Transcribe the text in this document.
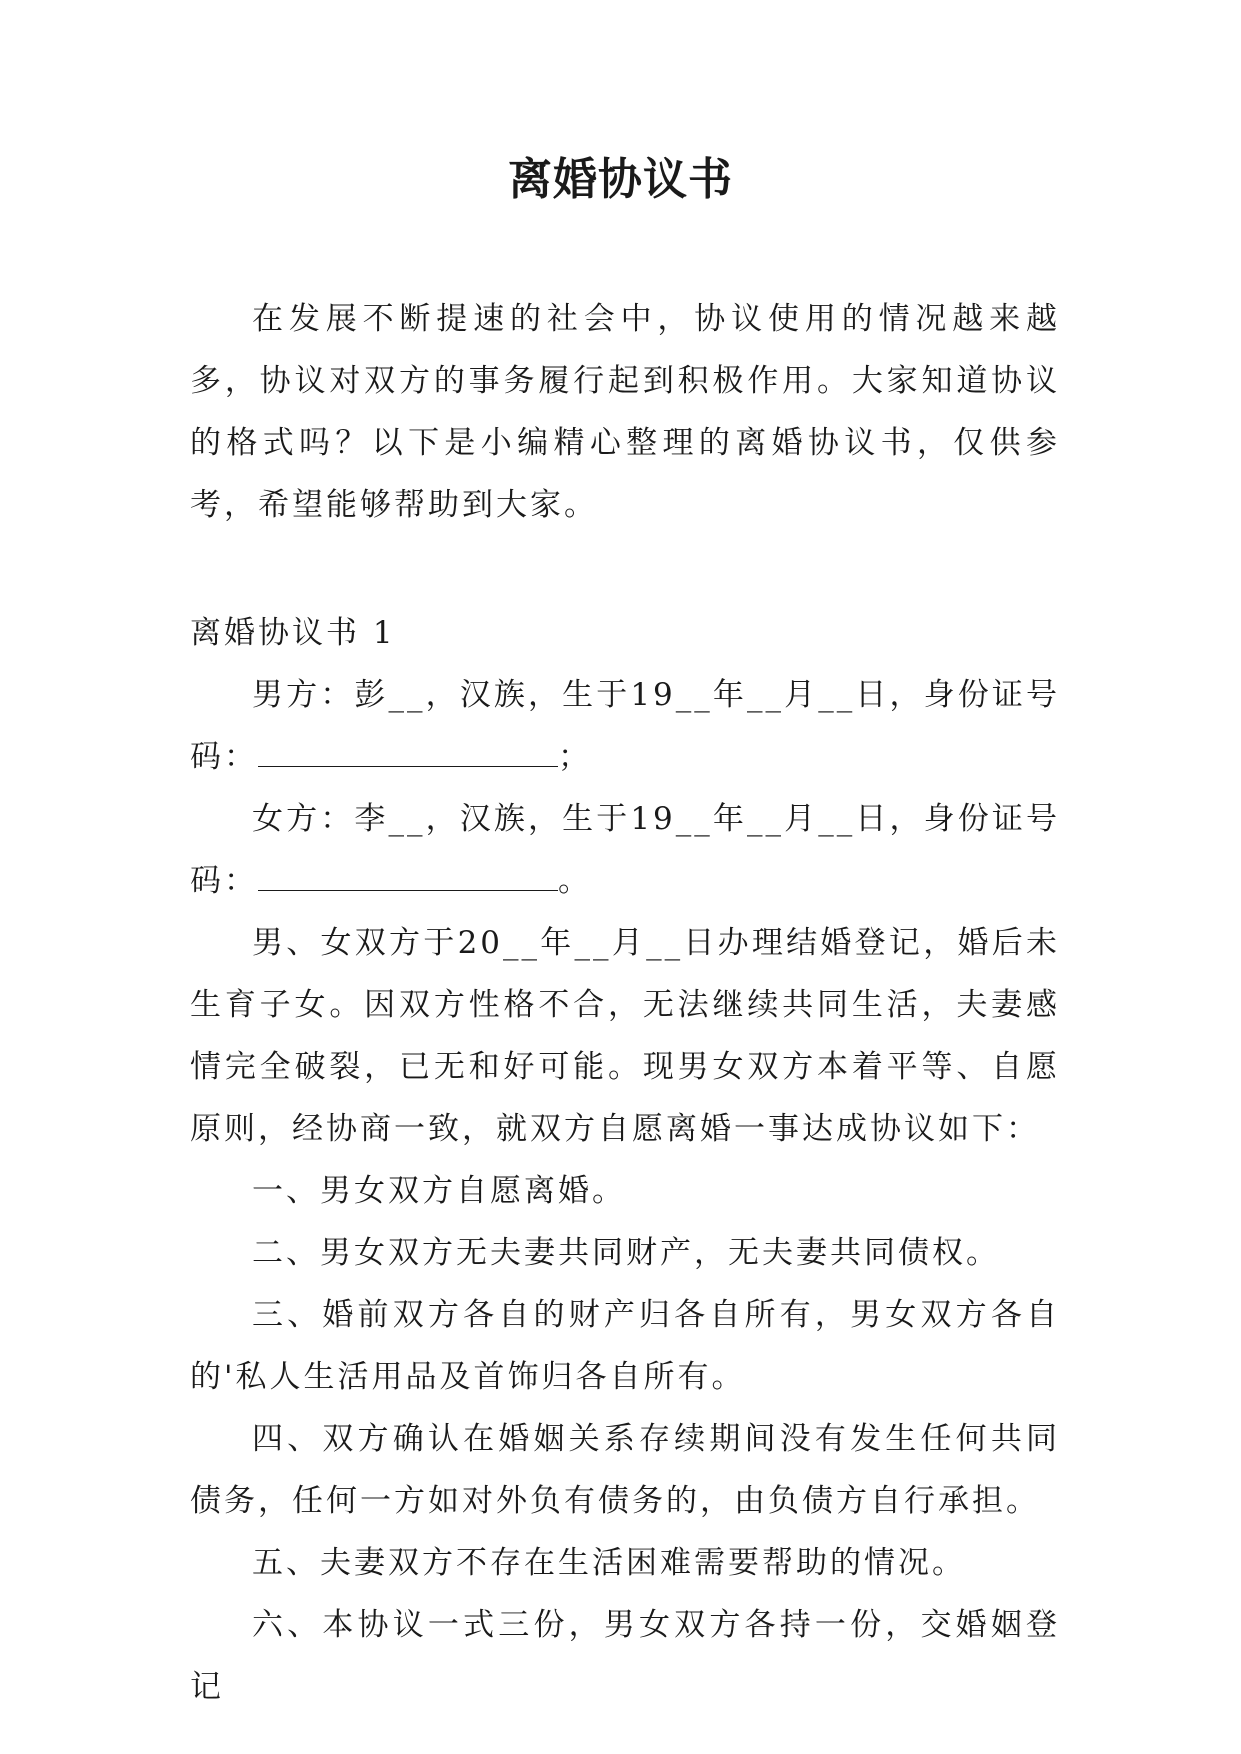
离婚协议书

在发展不断提速的社会中，协议使用的情况越来越多，协议对双方的事务履行起到积极作用。大家知道协议的格式吗？以下是小编精心整理的离婚协议书，仅供参考，希望能够帮助到大家。

离婚协议书 1

男方：彭__，汉族，生于19__年__月__日，身份证号码：	；

女方：李__，汉族，生于19__年__月__日，身份证号码：	。

男、女双方于20__年__月__日办理结婚登记，婚后未生育子女。因双方性格不合，无法继续共同生活，夫妻感情完全破裂，已无和好可能。现男女双方本着平等、自愿原则，经协商一致，就双方自愿离婚一事达成协议如下：

一、男女双方自愿离婚。

二、男女双方无夫妻共同财产，无夫妻共同债权。

三、婚前双方各自的财产归各自所有，男女双方各自的'私人生活用品及首饰归各自所有。

四、双方确认在婚姻关系存续期间没有发生任何共同债务，任何一方如对外负有债务的，由负债方自行承担。

五、夫妻双方不存在生活困难需要帮助的情况。

六、本协议一式三份，男女双方各持一份，交婚姻登记
